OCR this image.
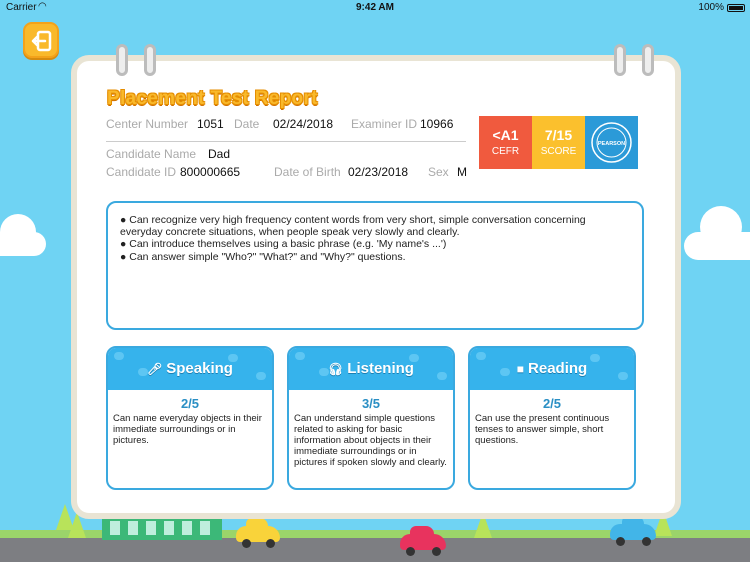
Carrier ◠	9:42 AM	100%
Placement Test Report
Center Number 1051 Date 02/24/2018 Examiner ID 10966
Candidate Name Dad
Candidate ID 800000665	Date of Birth 02/23/2018 Sex M
<A1
CEFR
7/15
SCORE
PEARSON
● Can recognize very high frequency content words from very short, simple conversation concerning everyday concrete situations, when people speak very slowly and clearly.
● Can introduce themselves using a basic phrase (e.g. 'My name's ...')
● Can answer simple "Who?" "What?" and "Why?" questions.
🎤︎ Speaking
2/5
Can name everyday objects in their immediate surroundings or in pictures.
🎧︎ Listening
3/5
Can understand simple questions related to asking for basic information about objects in their immediate surroundings or in pictures if spoken slowly and clearly.
■ Reading
2/5
Can use the present continuous tenses to answer simple, short questions.
